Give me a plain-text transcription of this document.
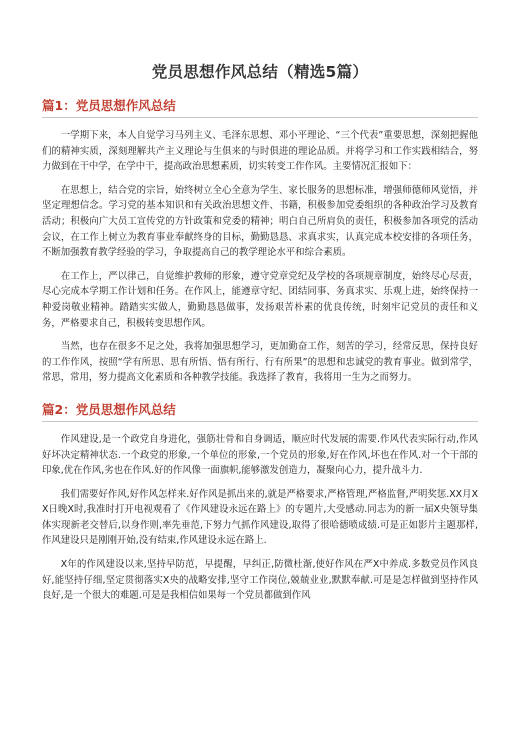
党员思想作风总结（精选5篇）
篇1：党员思想作风总结

一学期下来，本人自觉学习马列主义、毛泽东思想、邓小平理论、“三个代表”重要思想，深刻把握他们的精神实质，深刻理解共产主义理论与生俱来的与时俱进的理论品质。并将学习和工作实践相结合，努力做到在干中学，在学中干，提高政治思想素质，切实转变工作作风。主要情况汇报如下：

在思想上，结合党的宗旨，始终树立全心全意为学生、家长服务的思想标准，增强师德师风觉悟，并坚定理想信念。学习党的基本知识和有关政治思想文件、书籍，积极参加党委组织的各种政治学习及教育活动；积极向广大员工宣传党的方针政策和党委的精神；明白自己所肩负的责任，积极参加各项党的活动会议，在工作上树立为教育事业奉献终身的目标，勤勤恳恳、求真求实，认真完成本校安排的各项任务，不断加强教育教学经验的学习，争取提高自己的教学理论水平和综合素质。

在工作上，严以律己，自觉维护教师的形象，遵守党章党纪及学校的各项规章制度，始终尽心尽责，尽心完成本学期工作计划和任务。在作风上，能遵章守纪、团结同事、务真求实、乐观上进，始终保持一种爱岗敬业精神。踏踏实实做人，勤勤恳恳做事，发扬艰苦朴素的优良传统，时刻牢记党员的责任和义务，严格要求自己，积极转变思想作风。

当然，也存在很多不足之处，我将加强思想学习，更加勤奋工作，刻苦的学习，经常反思，保持良好的工作作风，按照“学有所思、思有所悟、悟有所行、行有所果”的思想和忠诚党的教育事业。做到常学，常思，常用，努力提高文化素质和各种教学技能。我选择了教育，我将用一生为之而努力。

篇2：党员思想作风总结

作风建设,是一个政党自身进化，强筋壮骨和自身调适，顺应时代发展的需要.作风代表实际行动,作风好坏决定精神状态.一个政党的形象,一个单位的形象,一个党员的形象,好在作风,坏也在作风.对一个干部的印象,优在作风,劣也在作风.好的作风像一面旗帜,能够激发创造力，凝聚向心力，提升战斗力.

我们需要好作风,好作风怎样来.好作风是抓出来的,就是严格要求,严格管理,严格监督,严明奖惩.XX月XX日晚X时,我准时打开电视观看了《作风建设永远在路上》的专题片,大受感动.同志为的新一届X央领导集体实现新老交替后,以身作则,率先垂范,下努力气抓作风建设,取得了很哈德喷成绩.可是正如影片主题那样,作风建设只是刚刚开始,没有结束,作风建设永远在路上.

X年的作风建设以来,坚持早防范，早提醒，早纠正,防微杜渐,使好作风在严X中养成.多数党员作风良好,能坚持仔细,坚定贯彻落实X央的战略安排,坚守工作岗位,兢兢业业,默默奉献.可是是怎样做到坚持作风良好,是一个很大的难题.可是是我相信如果每一个党员都做到作风
